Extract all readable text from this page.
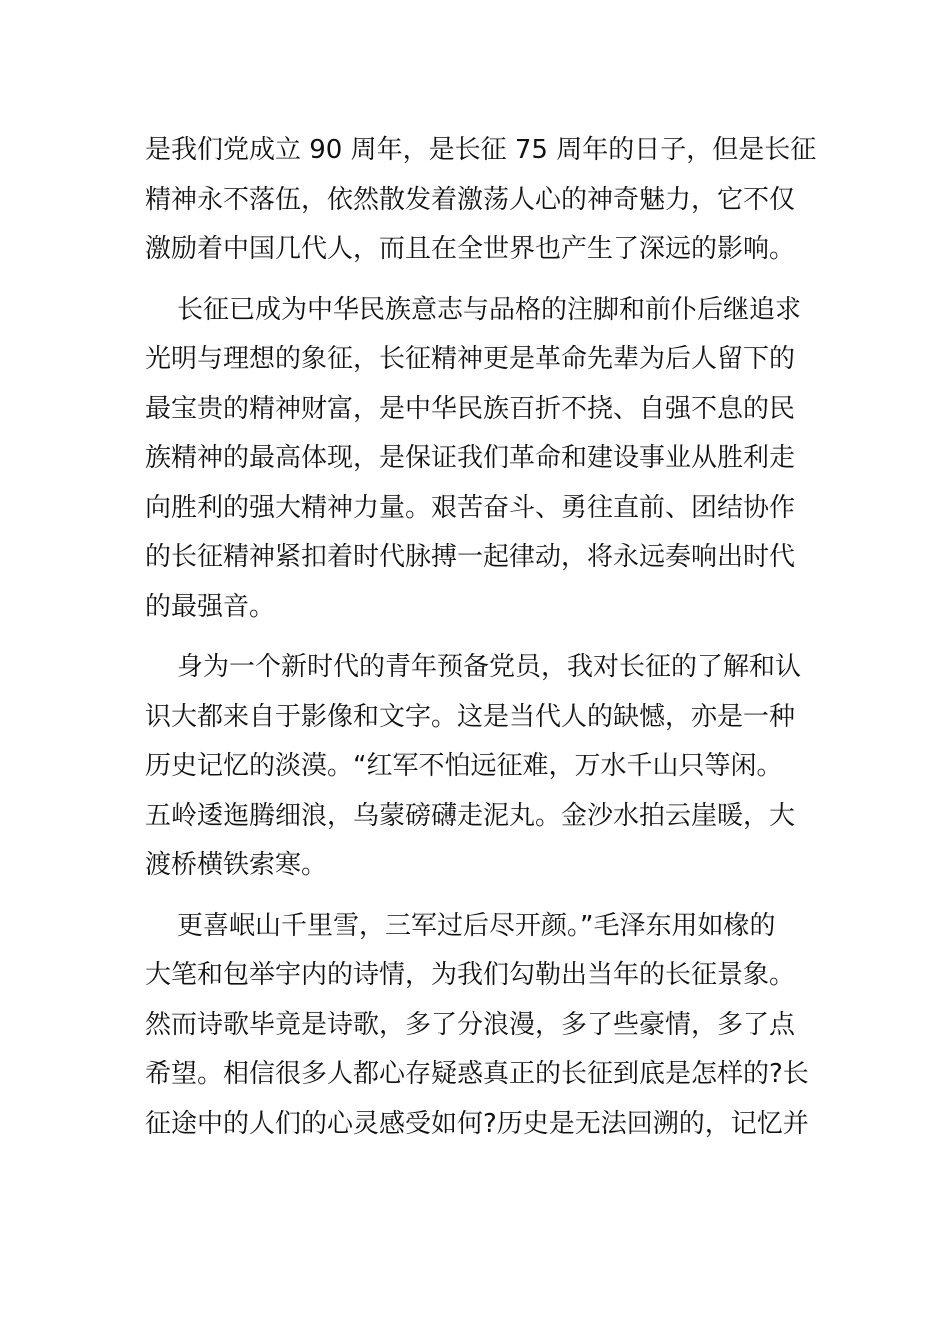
是我们党成立 90 周年，是长征 75 周年的日子，但是长征
精神永不落伍，依然散发着激荡人心的神奇魅力，它不仅
激励着中国几代人，而且在全世界也产生了深远的影响。
长征已成为中华民族意志与品格的注脚和前仆后继追求
光明与理想的象征，长征精神更是革命先辈为后人留下的
最宝贵的精神财富，是中华民族百折不挠、自强不息的民
族精神的最高体现，是保证我们革命和建设事业从胜利走
向胜利的强大精神力量。艰苦奋斗、勇往直前、团结协作
的长征精神紧扣着时代脉搏一起律动，将永远奏响出时代
的最强音。
身为一个新时代的青年预备党员，我对长征的了解和认
识大都来自于影像和文字。这是当代人的缺憾，亦是一种
历史记忆的淡漠。“红军不怕远征难，万水千山只等闲。
五岭逶迤腾细浪，乌蒙磅礴走泥丸。金沙水拍云崖暖，大
渡桥横铁索寒。
更喜岷山千里雪，三军过后尽开颜。”毛泽东用如椽的
大笔和包举宇内的诗情，为我们勾勒出当年的长征景象。
然而诗歌毕竟是诗歌，多了分浪漫，多了些豪情，多了点
希望。相信很多人都心存疑惑真正的长征到底是怎样的?长
征途中的人们的心灵感受如何?历史是无法回溯的，记忆并
